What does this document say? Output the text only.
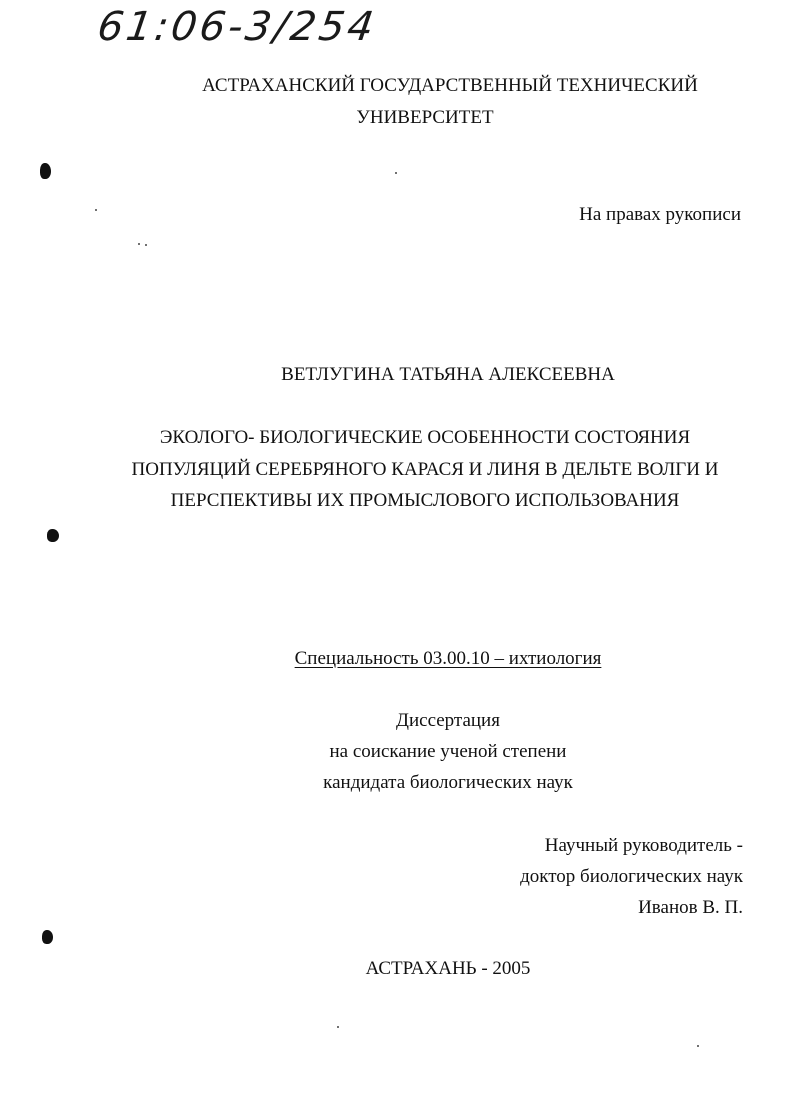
61:06-3/254
АСТРАХАНСКИЙ ГОСУДАРСТВЕННЫЙ ТЕХНИЧЕСКИЙ
УНИВЕРСИТЕТ
На правах рукописи
ВЕТЛУГИНА ТАТЬЯНА АЛЕКСЕЕВНА
ЭКОЛОГО- БИОЛОГИЧЕСКИЕ ОСОБЕННОСТИ СОСТОЯНИЯ
ПОПУЛЯЦИЙ СЕРЕБРЯНОГО КАРАСЯ И ЛИНЯ В ДЕЛЬТЕ ВОЛГИ И
ПЕРСПЕКТИВЫ ИХ ПРОМЫСЛОВОГО ИСПОЛЬЗОВАНИЯ
Специальность 03.00.10 – ихтиология
Диссертация
на соискание ученой степени
кандидата биологических наук
Научный руководитель -
доктор биологических наук
Иванов В. П.
АСТРАХАНЬ - 2005
